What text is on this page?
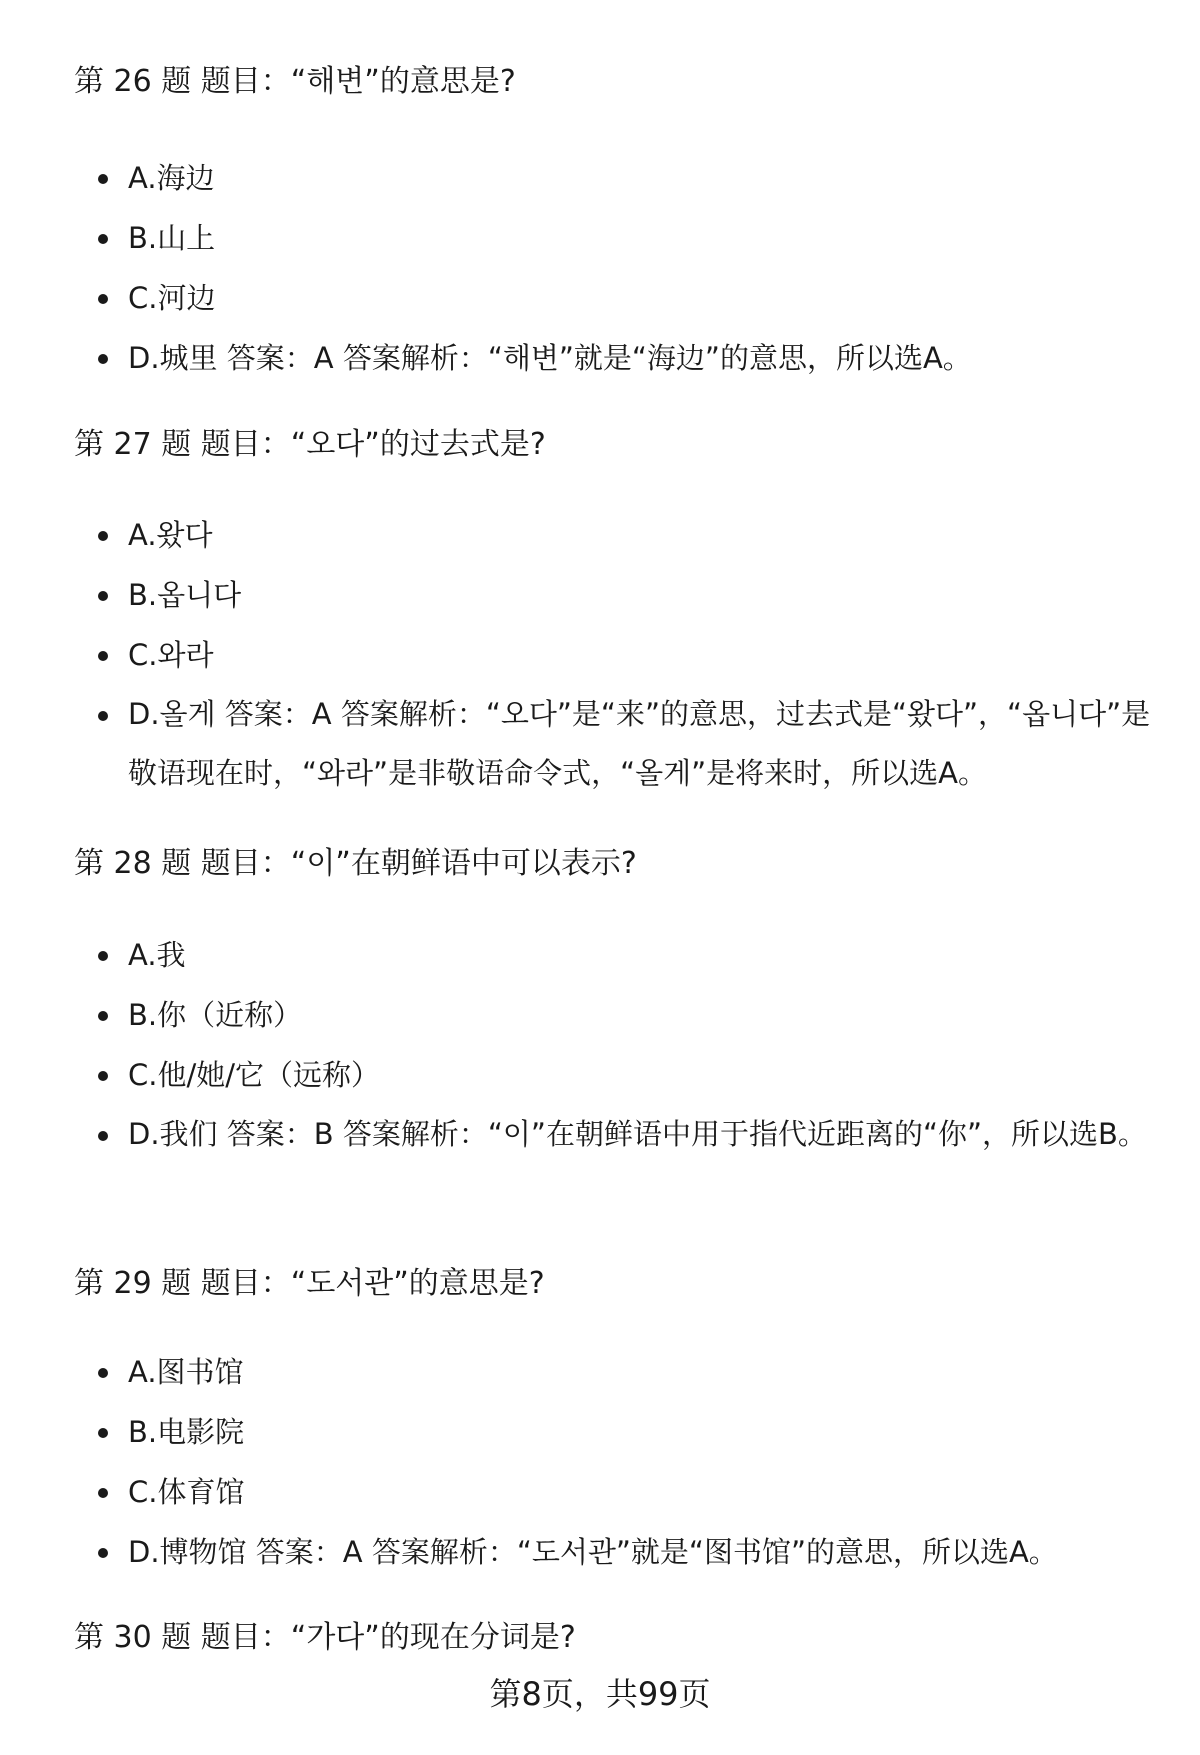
第 26 题 题目：“해변”的意思是?
A.海边
B.山上
C.河边
D.城里 答案：A 答案解析：“해변”就是“海边”的意思，所以选A。
第 27 题 题目：“오다”的过去式是?
A.왔다
B.옵니다
C.와라
D.올게 答案：A 答案解析：“오다”是“来”的意思，过去式是“왔다”，“옵니다”是敬语现在时，“와라”是非敬语命令式，“올게”是将来时，所以选A。
第 28 题 题目：“이”在朝鲜语中可以表示?
A.我
B.你（近称）
C.他/她/它（远称）
D.我们 答案：B 答案解析：“이”在朝鲜语中用于指代近距离的“你”，所以选B。
第 29 题 题目：“도서관”的意思是?
A.图书馆
B.电影院
C.体育馆
D.博物馆 答案：A 答案解析：“도서관”就是“图书馆”的意思，所以选A。
第 30 题 题目：“가다”的现在分词是?
第8页，共99页
